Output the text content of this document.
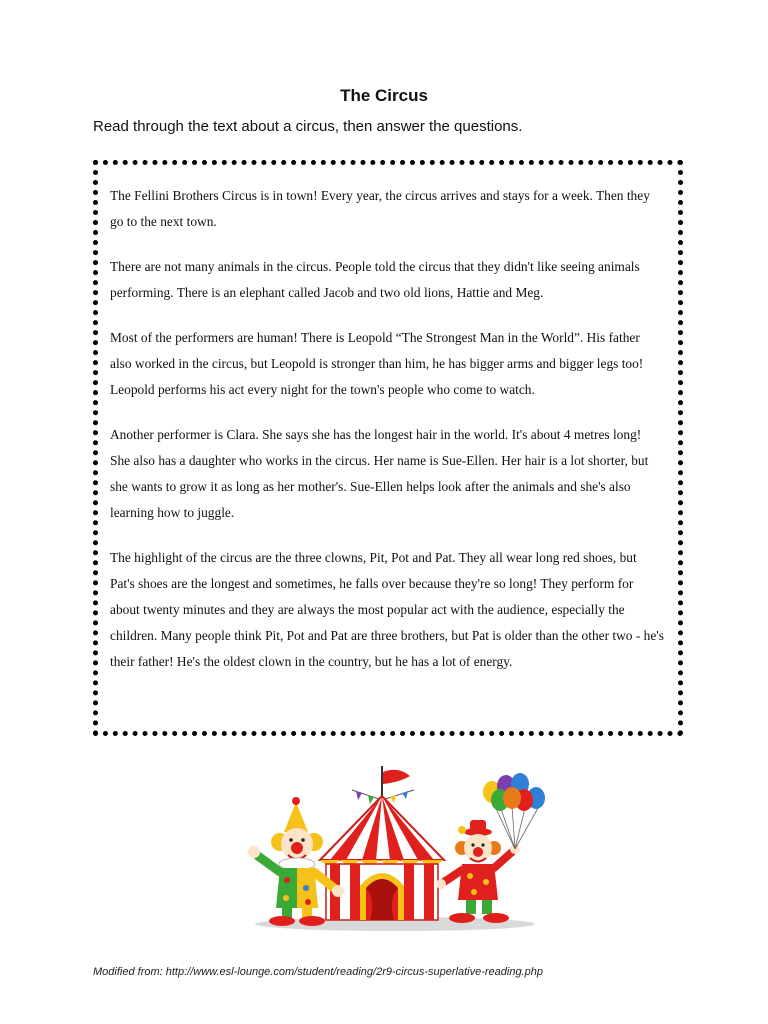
The Circus
Read through the text about a circus, then answer the questions.

The Fellini Brothers Circus is in town! Every year, the circus arrives and stays for a week. Then they go to the next town.

There are not many animals in the circus. People told the circus that they didn't like seeing animals performing. There is an elephant called Jacob and two old lions, Hattie and Meg.

Most of the performers are human! There is Leopold “The Strongest Man in the World”. His father also worked in the circus, but Leopold is stronger than him, he has bigger arms and bigger legs too! Leopold performs his act every night for the town's people who come to watch.

Another performer is Clara. She says she has the longest hair in the world. It's about 4 metres long! She also has a daughter who works in the circus. Her name is Sue-Ellen. Her hair is a lot shorter, but she wants to grow it as long as her mother's. Sue-Ellen helps look after the animals and she's also learning how to juggle.

The highlight of the circus are the three clowns, Pit, Pot and Pat. They all wear long red shoes, but Pat's shoes are the longest and sometimes, he falls over because they're so long! They perform for about twenty minutes and they are always the most popular act with the audience, especially the children. Many people think Pit, Pot and Pat are three brothers, but Pat is older than the other two - he's their father! He's the oldest clown in the country, but he has a lot of energy.

Modified from: http://www.esl-lounge.com/student/reading/2r9-circus-superlative-reading.php
